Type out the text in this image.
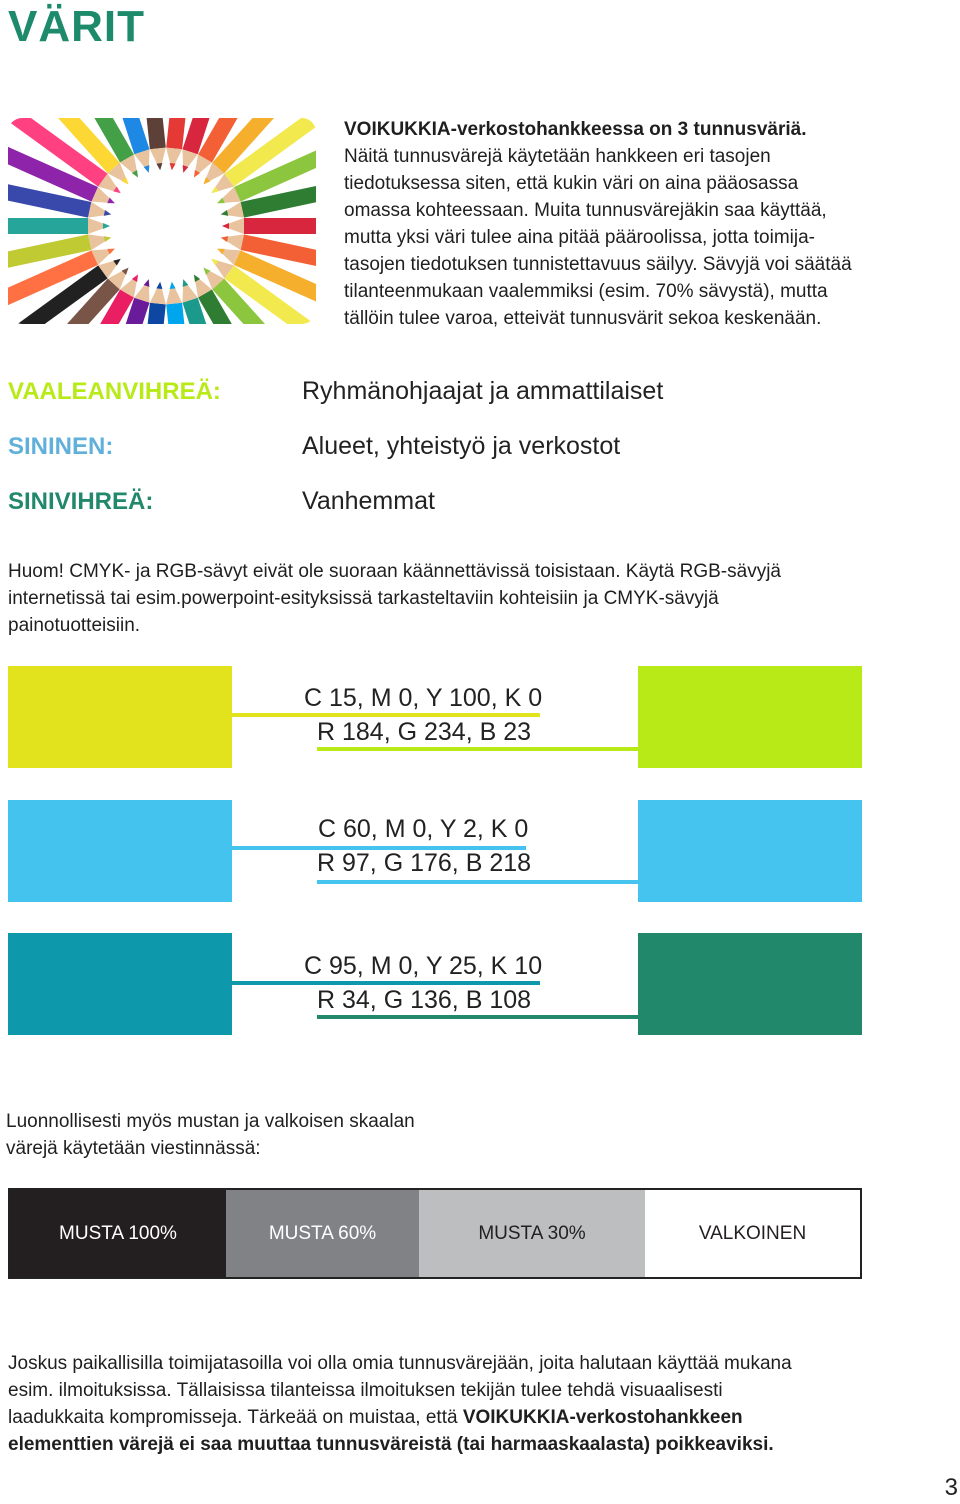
VÄRIT
VOIKUKKIA-verkostohankkeessa on 3 tunnusväriä.
Näitä tunnusvärejä käytetään hankkeen eri tasojen
tiedotuksessa siten, että kukin väri on aina pääosassa
omassa kohteessaan. Muita tunnusvärejäkin saa käyttää,
mutta yksi väri tulee aina pitää pääroolissa, jotta toimija-
tasojen tiedotuksen tunnistettavuus säilyy. Sävyjä voi säätää
tilanteenmukaan vaalemmiksi (esim. 70% sävystä), mutta
tällöin tulee varoa, etteivät tunnusvärit sekoa keskenään.
VAALEANVIHREÄ:	Ryhmänohjaajat ja ammattilaiset
SININEN:	Alueet, yhteistyö ja verkostot
SINIVIHREÄ:	Vanhemmat
Huom! CMYK- ja RGB-sävyt eivät ole suoraan käännettävissä toisistaan. Käytä RGB-sävyjä
internetissä tai esim.powerpoint-esityksissä tarkasteltaviin kohteisiin ja CMYK-sävyjä
painotuotteisiin.
C 15, M 0, Y 100, K 0
R 184, G 234, B 23
C 60, M 0, Y 2, K 0
R 97, G 176, B 218
C 95, M 0, Y 25, K 10
R 34, G 136, B 108
Luonnollisesti myös mustan ja valkoisen skaalan
värejä käytetään viestinnässä:
MUSTA 100%	MUSTA 60%	MUSTA 30%	VALKOINEN
Joskus paikallisilla toimijatasoilla voi olla omia tunnusvärejään, joita halutaan käyttää mukana
esim. ilmoituksissa. Tällaisissa tilanteissa ilmoituksen tekijän tulee tehdä visuaalisesti
laadukkaita kompromisseja. Tärkeää on muistaa, että VOIKUKKIA-verkostohankkeen
elementtien värejä ei saa muuttaa tunnusväreistä (tai harmaaskaalasta) poikkeaviksi.
3
